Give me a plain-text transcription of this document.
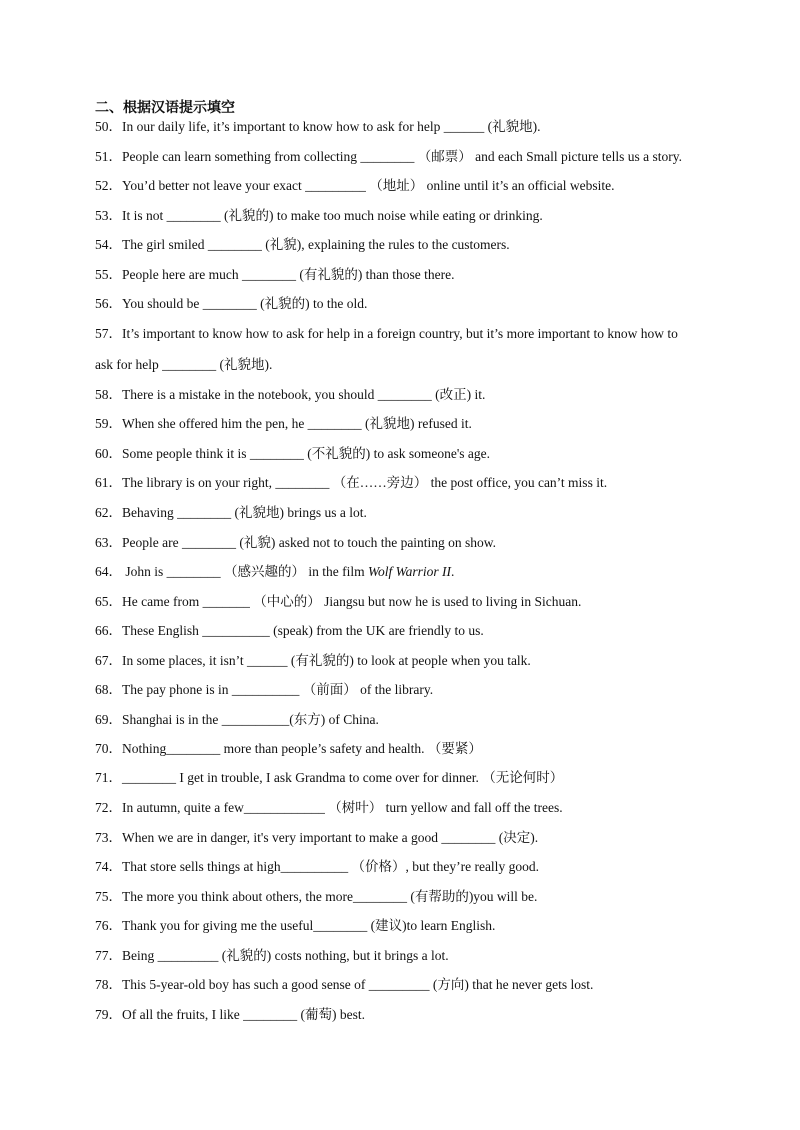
二、根据汉语提示填空
50．In our daily life, it’s important to know how to ask for help ______ (礼貌地).
51．People can learn something from collecting ________ （邮票） and each Small picture tells us a story.
52．You’d better not leave your exact _________ （地址） online until it’s an official website.
53．It is not ________ (礼貌的) to make too much noise while eating or drinking.
54．The girl smiled ________ (礼貌), explaining the rules to the customers.
55．People here are much ________ (有礼貌的) than those there.
56．You should be ________ (礼貌的) to the old.
57．It’s important to know how to ask for help in a foreign country, but it’s more important to know how to
ask for help ________ (礼貌地).
58．There is a mistake in the notebook, you should ________ (改正) it.
59．When she offered him the pen, he ________ (礼貌地) refused it.
60．Some people think it is ________ (不礼貌的) to ask someone's age.
61．The library is on your right, ________ （在……旁边） the post office, you can’t miss it.
62．Behaving ________ (礼貌地) brings us a lot.
63．People are ________ (礼貌) asked not to touch the painting on show.
64． John is ________ （感兴趣的） in the film Wolf Warrior II.
65．He came from _______ （中心的） Jiangsu but now he is used to living in Sichuan.
66．These English __________ (speak) from the UK are friendly to us.
67．In some places, it isn’t ______ (有礼貌的) to look at people when you talk.
68．The pay phone is in __________ （前面） of the library.
69．Shanghai is in the __________(东方) of China.
70．Nothing________ more than people’s safety and health. （要紧）
71．________ I get in trouble, I ask Grandma to come over for dinner. （无论何时）
72．In autumn, quite a few____________ （树叶） turn yellow and fall off the trees.
73．When we are in danger, it's very important to make a good ________ (决定).
74．That store sells things at high__________ （价格）, but they’re really good.
75．The more you think about others, the more________ (有帮助的)you will be.
76．Thank you for giving me the useful________ (建议)to learn English.
77．Being _________ (礼貌的) costs nothing, but it brings a lot.
78．This 5-year-old boy has such a good sense of _________ (方向) that he never gets lost.
79．Of all the fruits, I like ________ (葡萄) best.
